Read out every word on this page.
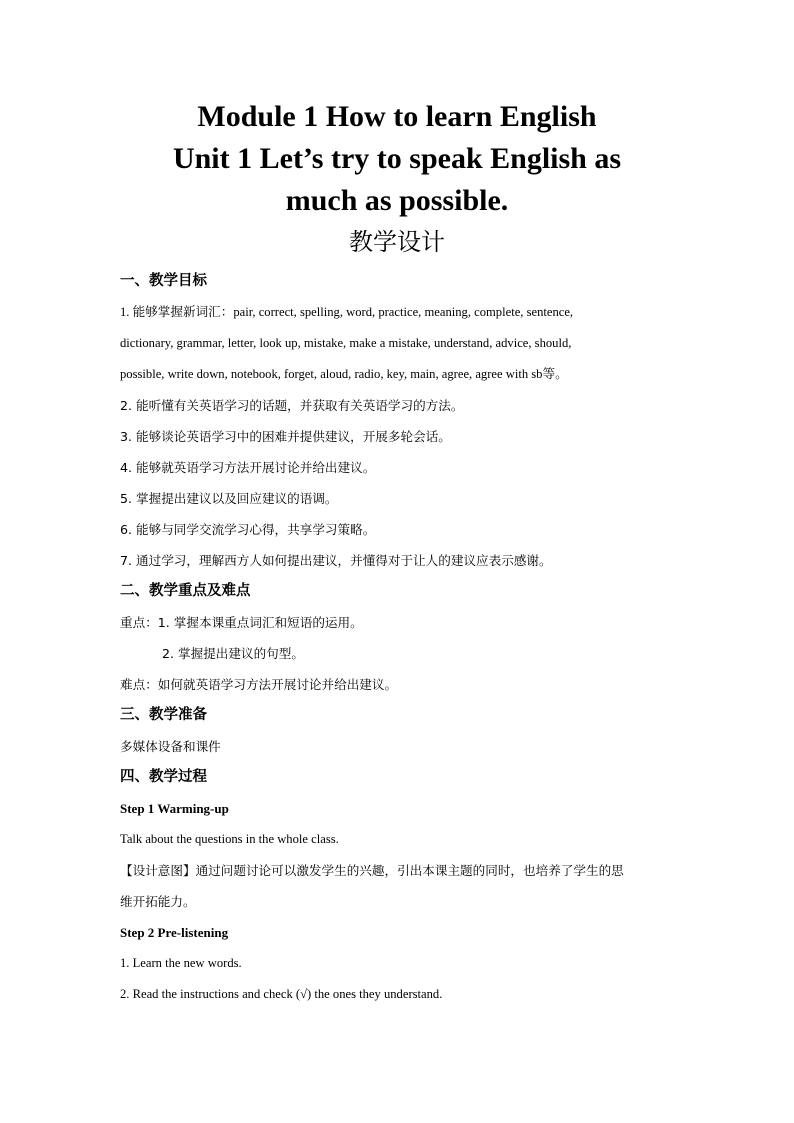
Module 1 How to learn English
Unit 1 Let’s try to speak English as
much as possible.
教学设计
一、教学目标
1. 能够掌握新词汇：pair, correct, spelling, word, practice, meaning, complete, sentence,
dictionary, grammar, letter, look up, mistake, make a mistake, understand, advice, should,
possible, write down, notebook, forget, aloud, radio, key, main, agree, agree with sb等。
2. 能听懂有关英语学习的话题，并获取有关英语学习的方法。
3. 能够谈论英语学习中的困难并提供建议，开展多轮会话。
4. 能够就英语学习方法开展讨论并给出建议。
5. 掌握提出建议以及回应建议的语调。
6. 能够与同学交流学习心得，共享学习策略。
7. 通过学习，理解西方人如何提出建议，并懂得对于让人的建议应表示感谢。
二、教学重点及难点
重点：1. 掌握本课重点词汇和短语的运用。
2. 掌握提出建议的句型。
难点：如何就英语学习方法开展讨论并给出建议。
三、教学准备
多媒体设备和课件
四、教学过程
Step 1 Warming-up
Talk about the questions in the whole class.
【设计意图】通过问题讨论可以激发学生的兴趣，引出本课主题的同时，也培养了学生的思
维开拓能力。
Step 2 Pre-listening
1. Learn the new words.
2. Read the instructions and check (√) the ones they understand.
